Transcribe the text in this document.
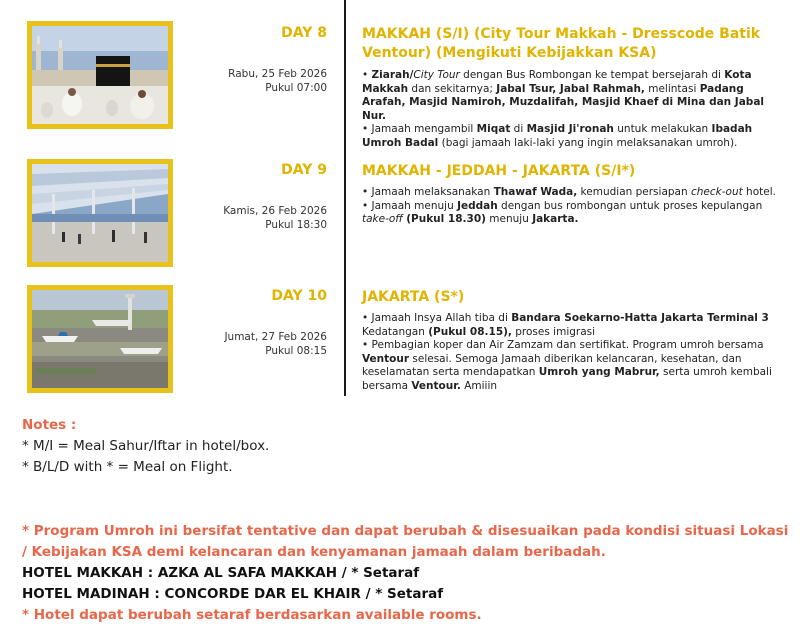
DAY 8
Rabu, 25 Feb 2026
Pukul 07:00
MAKKAH (S/I) (City Tour Makkah - Dresscode Batik Ventour) (Mengikuti Kebijakkan KSA)

• Ziarah/City Tour dengan Bus Rombongan ke tempat bersejarah di Kota Makkah dan sekitarnya; Jabal Tsur, Jabal Rahmah, melintasi Padang Arafah, Masjid Namiroh, Muzdalifah, Masjid Khaef di Mina dan Jabal Nur.

• Jamaah mengambil Miqat di Masjid Ji'ronah untuk melakukan Ibadah Umroh Badal (bagi jamaah laki-laki yang ingin melaksanakan umroh).

DAY 9
Kamis, 26 Feb 2026
Pukul 18:30
MAKKAH - JEDDAH - JAKARTA (S/I*)

• Jamaah melaksanakan Thawaf Wada, kemudian persiapan check-out hotel.

• Jamaah menuju Jeddah dengan bus rombongan untuk proses kepulangan take-off (Pukul 18.30) menuju Jakarta.

DAY 10
Jumat, 27 Feb 2026
Pukul 08:15
JAKARTA (S*)

• Jamaah Insya Allah tiba di Bandara Soekarno-Hatta Jakarta Terminal 3 Kedatangan (Pukul 08.15), proses imigrasi

• Pembagian koper dan Air Zamzam dan sertifikat. Program umroh bersama Ventour selesai. Semoga Jamaah diberikan kelancaran, kesehatan, dan keselamatan serta mendapatkan Umroh yang Mabrur, serta umroh kembali bersama Ventour. Amiiin

Notes :
* M/I = Meal Sahur/Iftar in hotel/box.
* B/L/D with * = Meal on Flight.
* Program Umroh ini bersifat tentative dan dapat berubah & disesuaikan pada kondisi situasi Lokasi / Kebijakan KSA demi kelancaran dan kenyamanan jamaah dalam beribadah.
HOTEL MAKKAH : AZKA AL SAFA MAKKAH / * Setaraf
HOTEL MADINAH : CONCORDE DAR EL KHAIR / * Setaraf
* Hotel dapat berubah setaraf berdasarkan available rooms.
